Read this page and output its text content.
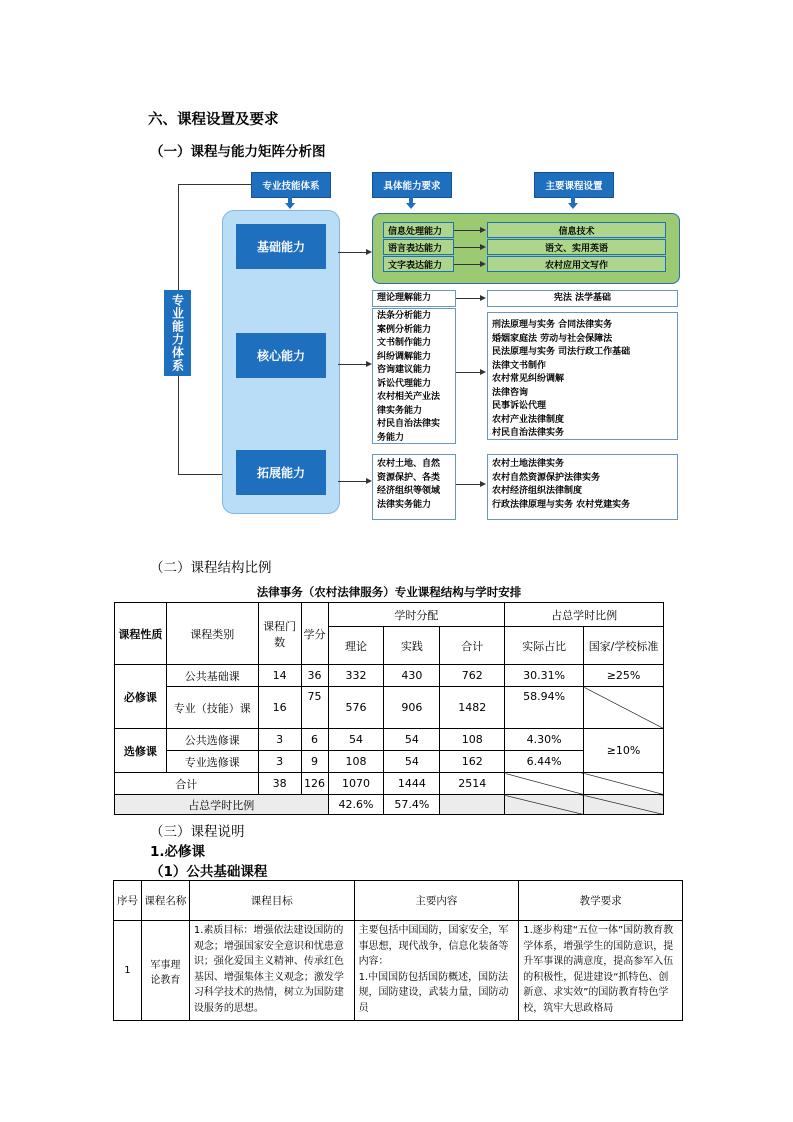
六、课程设置及要求
（一）课程与能力矩阵分析图
专业技能体系	具体能力要求	主要课程设置
专业能力体系
基础能力
核心能力
拓展能力
信息处理能力
语言表达能力
文字表达能力
信息技术
语文、实用英语
农村应用文写作
理论理解能力	宪法 法学基础
法条分析能力
案例分析能力
文书制作能力
纠纷调解能力
咨询建议能力
诉讼代理能力
农村相关产业法
律实务能力
村民自治法律实
务能力
刑法原理与实务 合同法律实务
婚姻家庭法 劳动与社会保障法
民法原理与实务 司法行政工作基础
法律文书制作
农村常见纠纷调解
法律咨询
民事诉讼代理
农村产业法律制度
村民自治法律实务
农村土地、自然
资源保护、各类
经济组织等领域
法律实务能力
农村土地法律实务
农村自然资源保护法律实务
农村经济组织法律制度
行政法律原理与实务 农村党建实务
（二）课程结构比例
法律事务（农村法律服务）专业课程结构与学时安排
课程性质	课程类别	课程门数	学分	学时分配			占总学时比例	
				理论	实践	合计	实际占比	国家/学校标准
必修课	公共基础课	14	36	332	430	762	30.31%	≥25%
	专业（技能）课	16	75	576	906	1482	58.94%	
选修课	公共选修课	3	6	54	54	108	4.30%	≥10%
	专业选修课	3	9	108	54	162	6.44%	
合计		38	126	1070	1444	2514		
占总学时比例				42.6%	57.4%			
（三）课程说明
1.必修课
（1）公共基础课程
序号	课程名称	课程目标	主要内容	教学要求
1	军事理论教育	1.素质目标：增强依法建设国防的观念；增强国家安全意识和忧患意识；强化爱国主义精神、传承红色基因、增强集体主义观念；激发学习科学技术的热情，树立为国防建设服务的思想。	主要包括中国国防，国家安全，军事思想，现代战争，信息化装备等内容：
1.中国国防包括国防概述，国防法规，国防建设，武装力量，国防动员	1.逐步构建“五位一体”国防教育教学体系，增强学生的国防意识，提升军事课的满意度，提高参军入伍的积极性，促进建设“抓特色、创新意、求实效”的国防教育特色学校，筑牢大思政格局
